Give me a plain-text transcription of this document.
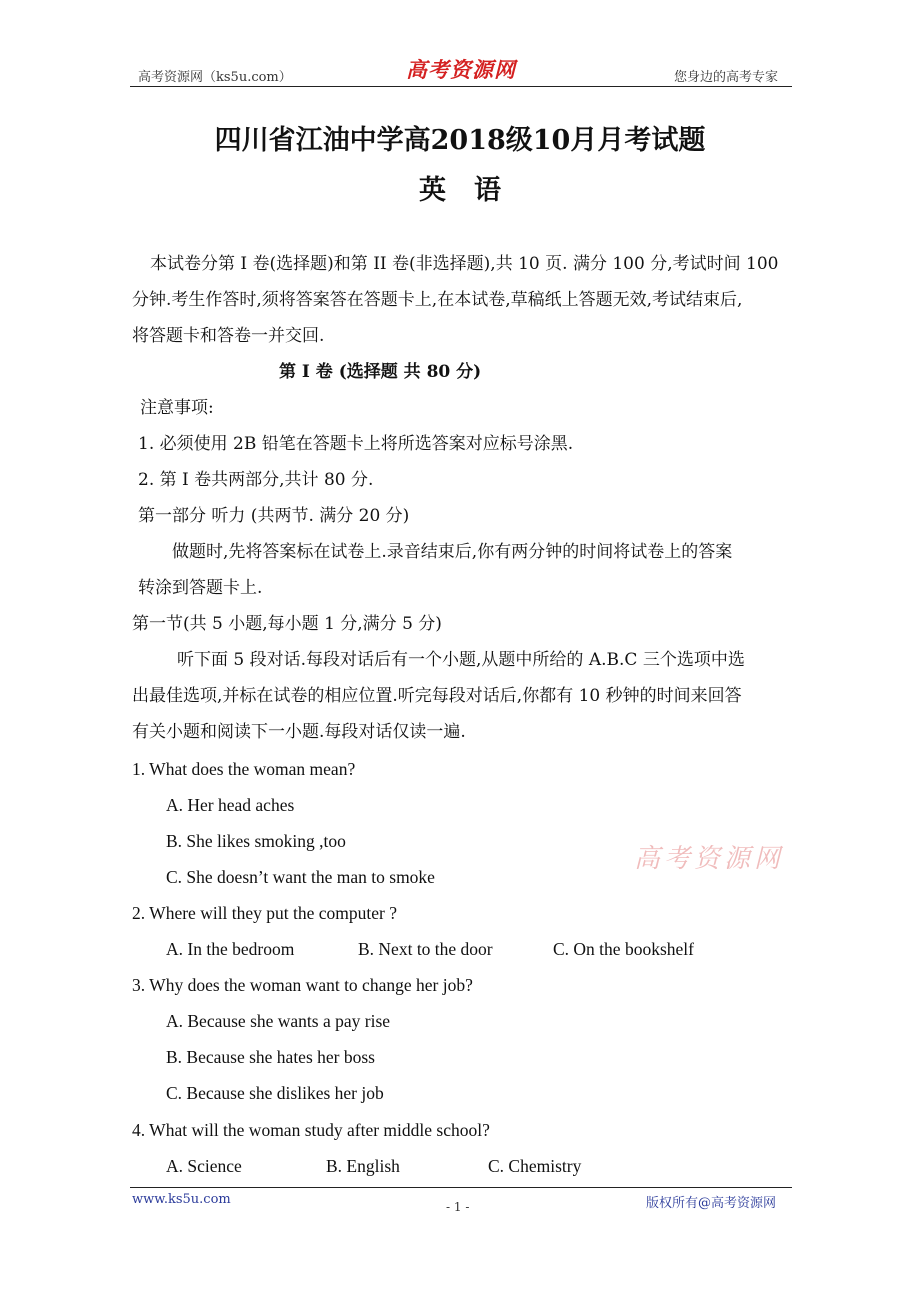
高考资源网（ks5u.com）	高考资源网	您身边的高考专家
四川省江油中学高2018级10月月考试题
英语
本试卷分第 I 卷(选择题)和第 II 卷(非选择题),共 10 页. 满分 100 分,考试时间 100
分钟.考生作答时,须将答案答在答题卡上,在本试卷,草稿纸上答题无效,考试结束后,
将答题卡和答卷一并交回.
第 I 卷 (选择题 共 80 分)
注意事项:
1. 必须使用 2B 铅笔在答题卡上将所选答案对应标号涂黑.
2. 第 I 卷共两部分,共计 80 分.
第一部分 听力 (共两节. 满分 20 分)
做题时,先将答案标在试卷上.录音结束后,你有两分钟的时间将试卷上的答案
转涂到答题卡上.
第一节(共 5 小题,每小题 1 分,满分 5 分)
听下面 5 段对话.每段对话后有一个小题,从题中所给的 A.B.C 三个选项中选
出最佳选项,并标在试卷的相应位置.听完每段对话后,你都有 10 秒钟的时间来回答
有关小题和阅读下一小题.每段对话仅读一遍.
1. What does the woman mean?
A. Her head aches
B. She likes smoking ,too
C. She doesn’t want the man to smoke
2. Where will they put the computer ?
A. In the bedroom	B. Next to the door	C. On the bookshelf
3. Why does the woman want to change her job?
A. Because she wants a pay rise
B. Because she hates her boss
C. Because she dislikes her job
4. What will the woman study after middle school?
A. Science	B. English	C. Chemistry
高考资源网
www.ks5u.com	- 1 -	版权所有@高考资源网
